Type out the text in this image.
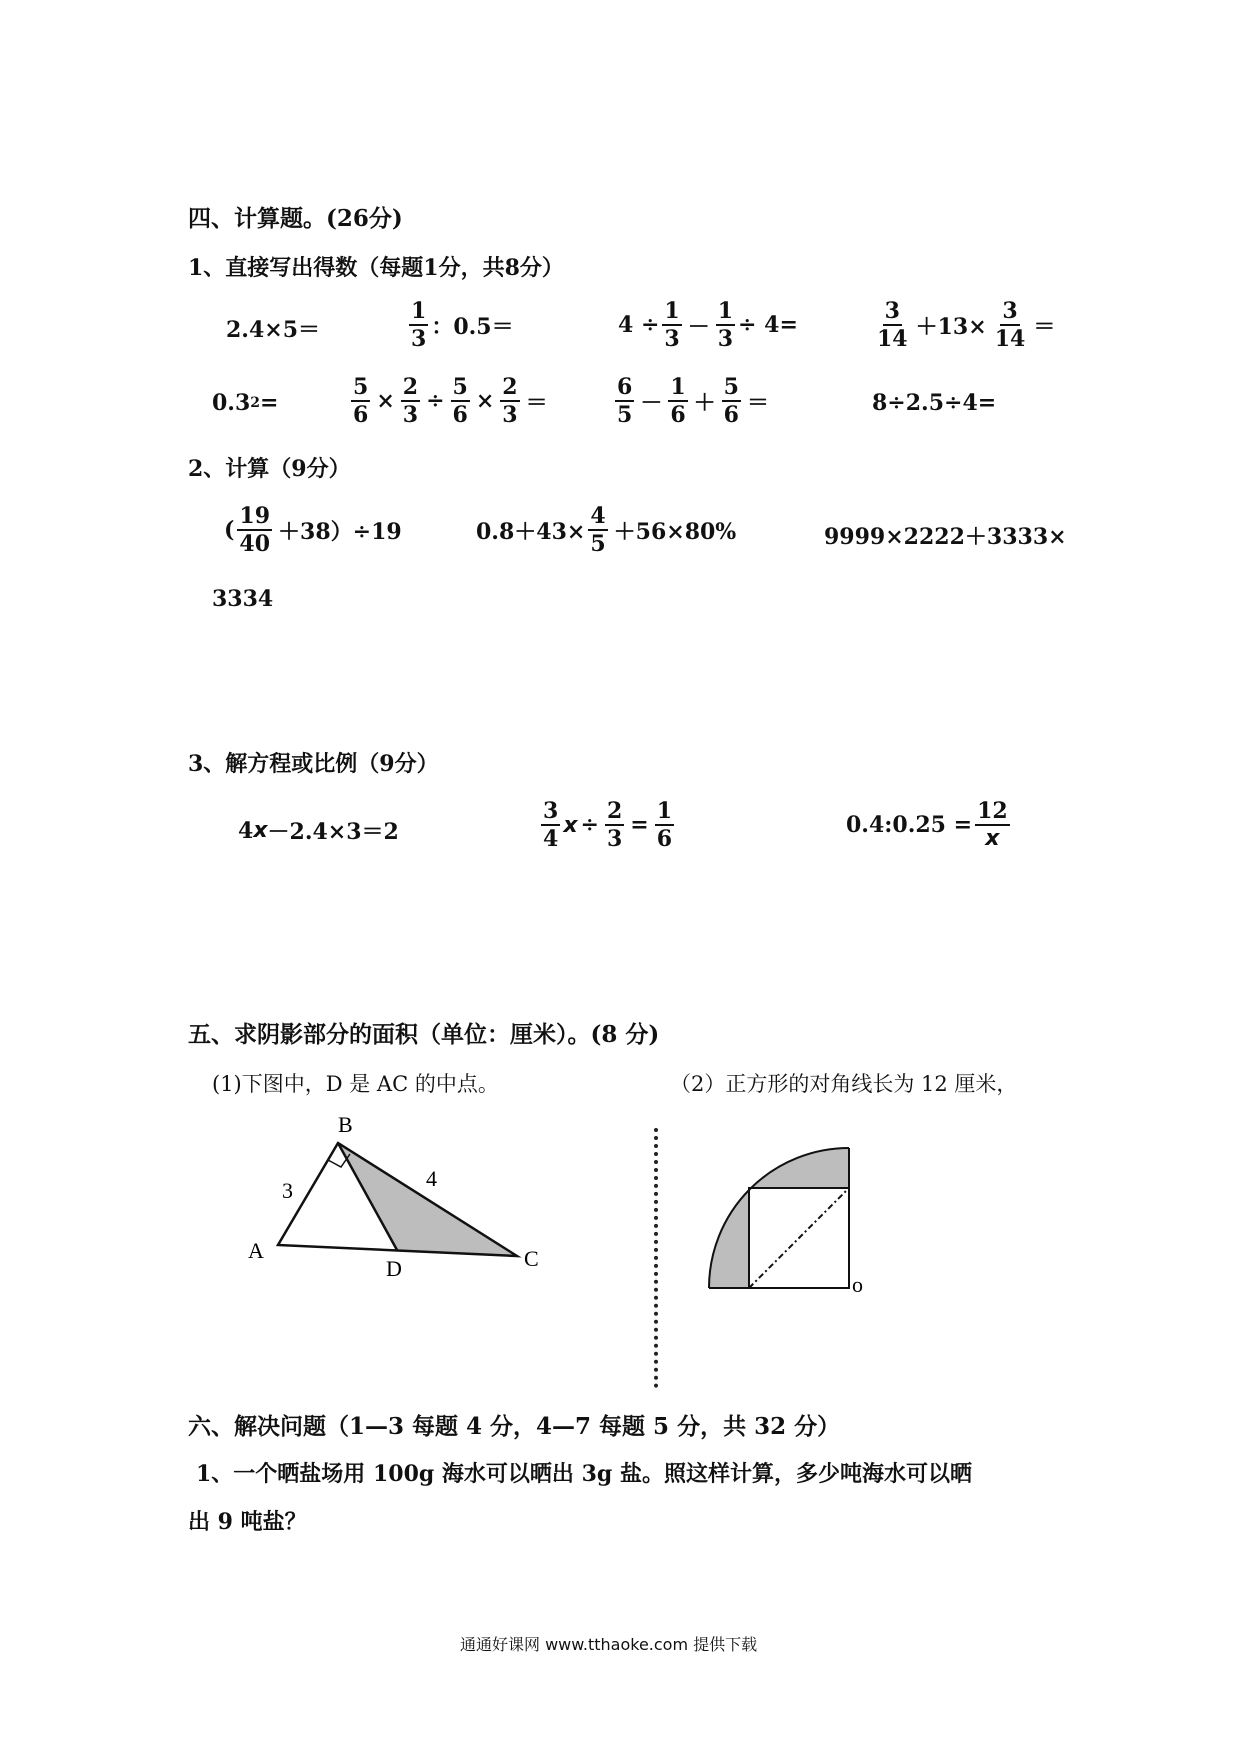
四、计算题。(26分)
1、直接写出得数（每题1分，共8分）
2.4×5＝	$\frac{1}{3}$ ：0.5＝	$4 \div \frac{1}{3} - \frac{1}{3} \div 4=$	$\frac{3}{14} +13\times \frac{3}{14}$ ＝
0.3 2 =	$\frac{5}{6} \times \frac{2}{3} \div \frac{5}{6} \times \frac{2}{3}$ ＝	$\frac{6}{5} - \frac{1}{6} + \frac{5}{6}$ ＝	8÷2.5÷4=
2、计算（9分）
( $\frac{19}{40} +38)\div 19$	$0.8+43\times \frac{4}{5} +56\times 80\%$	9999×2222＋3333×
3334
3、解方程或比例（9分）
4 x －2.4×3＝2	$\frac{3}{4}$ $x \div \frac{2}{3} = \frac{1}{6}$	0.4:0.25 = $\frac{12}{x}$
五、求阴影部分的面积（单位：厘米）。(8 分)
(1)下图中，D 是 AC 的中点。	（2）正方形的对角线长为 12 厘米，
B
A	C
D
3	4
o
六、解决问题（1—3 每题 4 分，4—7 每题 5 分，共 32 分）
1、一个晒盐场用 100g 海水可以晒出 3g 盐。照这样计算，多少吨海水可以晒
出 9 吨盐？
通通好课网 www.tthaoke.com 提供下载
